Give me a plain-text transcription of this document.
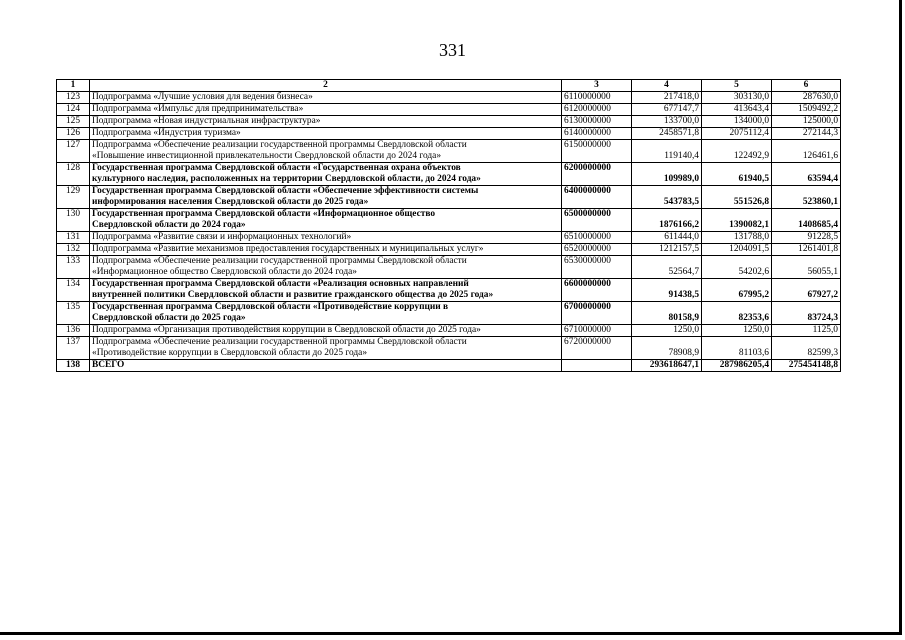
331
1	2	3	4	5	6
123	Подпрограмма «Лучшие условия для ведения бизнеса»	6110000000	217418,0	303130,0	287630,0
124	Подпрограмма «Импульс для предпринимательства»	6120000000	677147,7	413643,4	1509492,2
125	Подпрограмма «Новая индустриальная инфраструктура»	6130000000	133700,0	134000,0	125000,0
126	Подпрограмма «Индустрия туризма»	6140000000	2458571,8	2075112,4	272144,3
127	Подпрограмма «Обеспечение реализации государственной программы Свердловской области
«Повышение инвестиционной привлекательности Свердловской области до 2024 года»	6150000000	119140,4	122492,9	126461,6
128	Государственная программа Свердловской области «Государственная охрана объектов
культурного наследия, расположенных на территории Свердловской области, до 2024 года»	6200000000	109989,0	61940,5	63594,4
129	Государственная программа Свердловской области «Обеспечение эффективности системы
информирования населения Свердловской области до 2025 года»	6400000000	543783,5	551526,8	523860,1
130	Государственная программа Свердловской области «Информационное общество
Свердловской области до 2024 года»	6500000000	1876166,2	1390082,1	1408685,4
131	Подпрограмма «Развитие связи и информационных технологий»	6510000000	611444,0	131788,0	91228,5
132	Подпрограмма «Развитие механизмов предоставления государственных и муниципальных услуг»	6520000000	1212157,5	1204091,5	1261401,8
133	Подпрограмма «Обеспечение реализации государственной программы Свердловской области
«Информационное общество Свердловской области до 2024 года»	6530000000	52564,7	54202,6	56055,1
134	Государственная программа Свердловской области «Реализация основных направлений
внутренней политики Свердловской области и развитие гражданского общества до 2025 года»	6600000000	91438,5	67995,2	67927,2
135	Государственная программа Свердловской области «Противодействие коррупции в
Свердловской области до 2025 года»	6700000000	80158,9	82353,6	83724,3
136	Подпрограмма «Организация противодействия коррупции в Свердловской области до 2025 года»	6710000000	1250,0	1250,0	1125,0
137	Подпрограмма «Обеспечение реализации государственной программы Свердловской области
«Противодействие коррупции в Свердловской области до 2025 года»	6720000000	78908,9	81103,6	82599,3
138	ВСЕГО		293618647,1	287986205,4	275454148,8
